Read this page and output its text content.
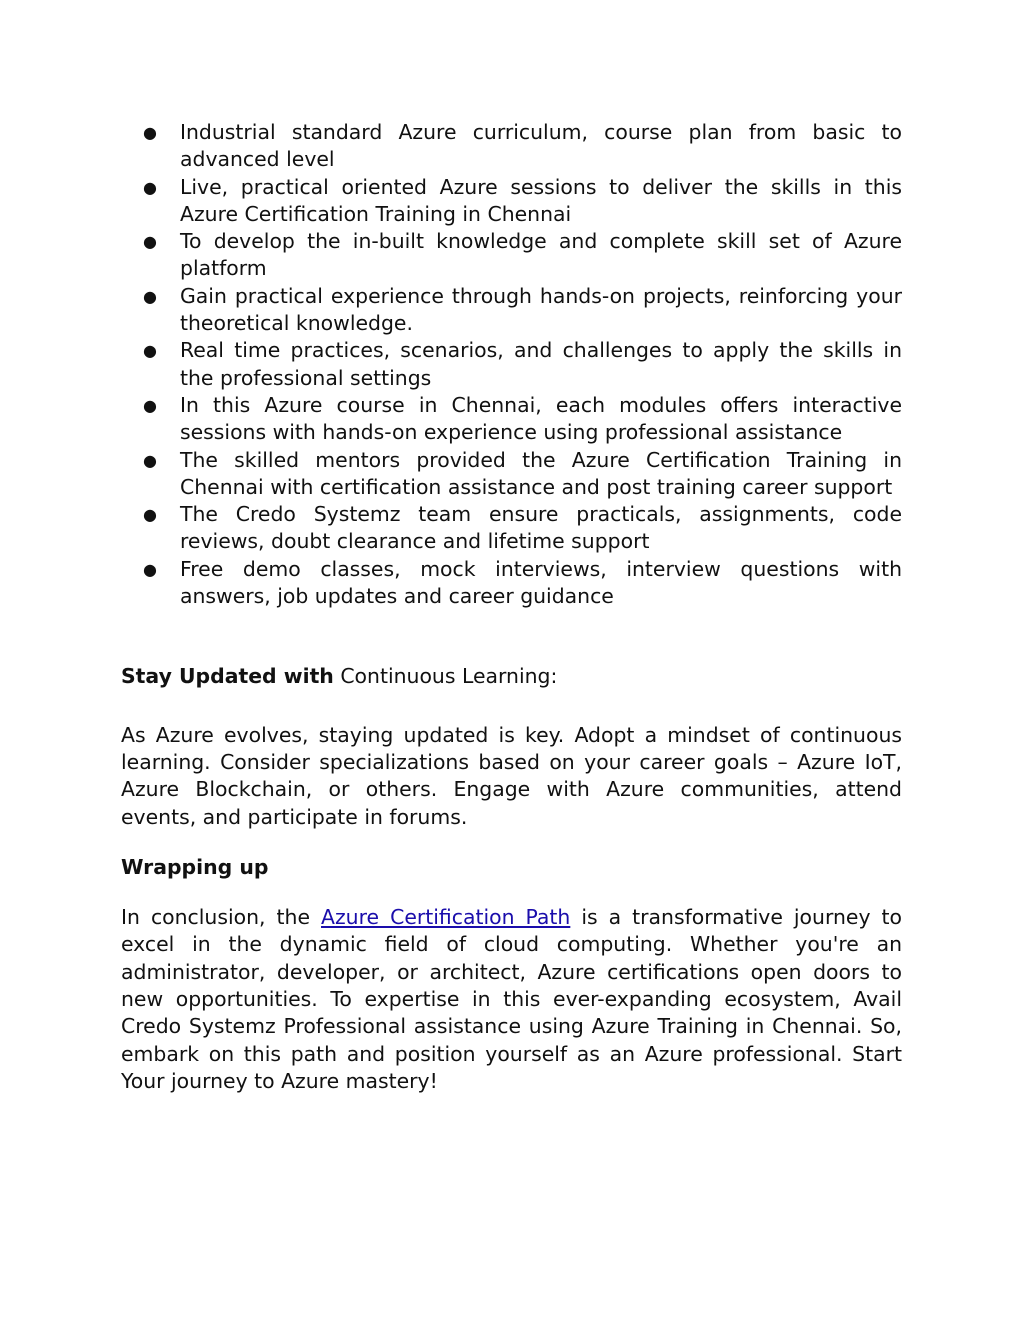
● Industrial standard Azure curriculum, course plan from basic to advanced level
● Live, practical oriented Azure sessions to deliver the skills in this Azure Certification Training in Chennai
● To develop the in-built knowledge and complete skill set of Azure platform
● Gain practical experience through hands-on projects, reinforcing your theoretical knowledge.
● Real time practices, scenarios, and challenges to apply the skills in the professional settings
● In this Azure course in Chennai, each modules offers interactive sessions with hands-on experience using professional assistance
● The skilled mentors provided the Azure Certification Training in Chennai with certification assistance and post training career support
● The Credo Systemz team ensure practicals, assignments, code reviews, doubt clearance and lifetime support
● Free demo classes, mock interviews, interview questions with answers, job updates and career guidance

Stay Updated with Continuous Learning:

As Azure evolves, staying updated is key. Adopt a mindset of continuous learning. Consider specializations based on your career goals – Azure IoT, Azure Blockchain, or others. Engage with Azure communities, attend events, and participate in forums.

Wrapping up

In conclusion, the Azure Certification Path is a transformative journey to excel in the dynamic field of cloud computing. Whether you're an administrator, developer, or architect, Azure certifications open doors to new opportunities. To expertise in this ever-expanding ecosystem, Avail Credo Systemz Professional assistance using Azure Training in Chennai. So, embark on this path and position yourself as an Azure professional. Start Your journey to Azure mastery!
